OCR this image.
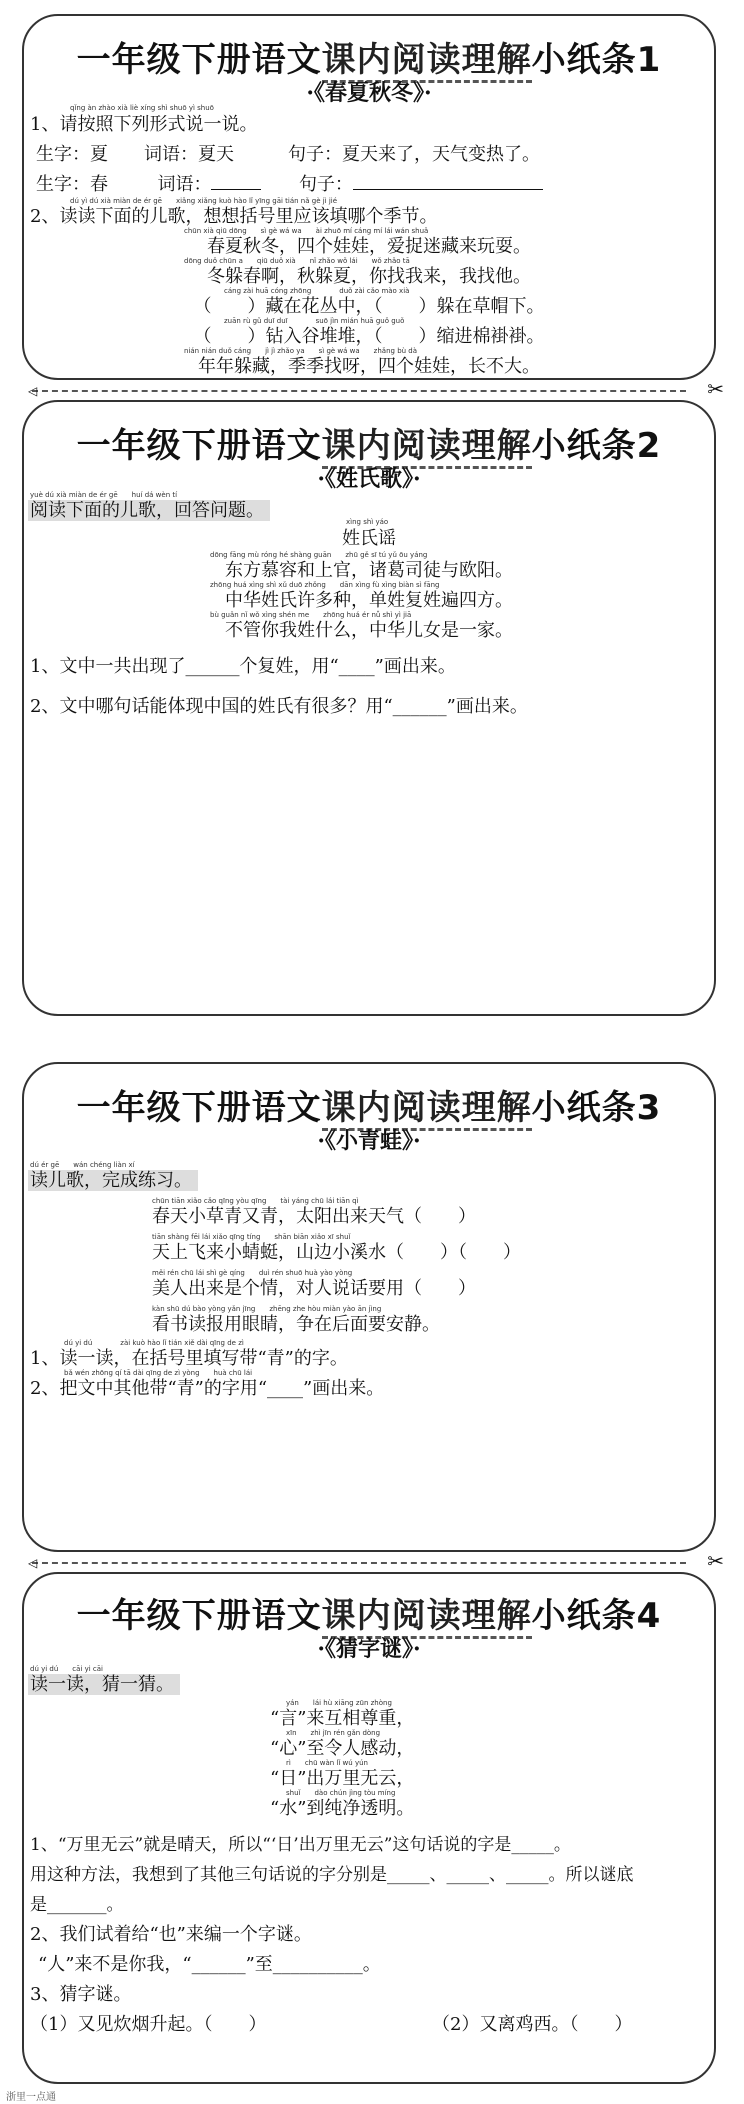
一年级下册语文课内阅读理解小纸条1
·《春夏秋冬》·
qǐng àn zhào xià liè xíng shì shuō yì shuō
1、请按照下列形式说一说。
生字：夏　　词语：夏天　　　句子：夏天来了，天气变热了。
生字：春	词语：	句子：
dú yì dú xià miàn de ér gē　　xiǎng xiǎng kuò hào lǐ yīng gāi tián nǎ gè jì jié
2、读读下面的儿歌，想想括号里应该填哪个季节。
chūn xià qiū dōng　　sì gè wá wa　　ài zhuō mí cáng mí lái wán shuǎ
春夏秋冬，四个娃娃，爱捉迷藏来玩耍。
dōng duǒ chūn a　　qiū duǒ xià　　nǐ zhǎo wǒ lái　　wǒ zhǎo tā
冬躲春啊，秋躲夏，你找我来，我找他。
cáng zài huā cóng zhōng　　　　duǒ zài cǎo mào xià
（　　）藏在花丛中，（　　）躲在草帽下。
zuān rù gǔ duī duī　　　　suō jìn mián huā guǒ guǒ
（　　）钻入谷堆堆，（　　）缩进棉褂褂。
nián nián duǒ cáng　　jì jì zhǎo ya　　sì gè wá wa　　zhǎng bù dà
年年躲藏，季季找呀，四个娃娃，长不大。
◁	✂
一年级下册语文课内阅读理解小纸条2
·《姓氏歌》·
yuè dú xià miàn de ér gē　　huí dá wèn tí
阅读下面的儿歌，回答问题。
xìng shì yáo
姓氏谣
dōng fāng mù róng hé shàng guān　　zhū gě sī tú yǔ ōu yáng
东方慕容和上官，诸葛司徒与欧阳。
zhōng huá xìng shì xǔ duō zhǒng　　dān xìng fù xìng biàn sì fāng
中华姓氏许多种，单姓复姓遍四方。
bù guǎn nǐ wǒ xìng shén me　　zhōng huá ér nǚ shì yì jiā
不管你我姓什么，中华儿女是一家。
1、文中一共出现了______个复姓，用“____”画出来。
2、文中哪句话能体现中国的姓氏有很多？用“______”画出来。
一年级下册语文课内阅读理解小纸条3
·《小青蛙》·
dú ér gē　　wán chéng liàn xí
读儿歌，完成练习。
chūn tiān xiǎo cǎo qīng yòu qīng　　tài yáng chū lái tiān qì
春天小草青又青，太阳出来天气（　　）
tiān shàng fēi lái xiǎo qīng tíng　　shān biān xiǎo xī shuǐ
天上飞来小蜻蜓，山边小溪水（　　）（　　）
měi rén chū lái shì gè qíng　　duì rén shuō huà yào yòng
美人出来是个情，对人说话要用（　　）
kàn shū dú bào yòng yǎn jīng　　zhēng zhe hòu miàn yào ān jìng
看书读报用眼睛，争在后面要安静。
dú yi dú　　　　zài kuò hào lǐ tián xiě dài qīng de zì
1、读一读，在括号里填写带“青”的字。
bǎ wén zhōng qí tā dài qīng de zì yòng　　huà chū lái
2、把文中其他带“青”的字用“____”画出来。
◁	✂
一年级下册语文课内阅读理解小纸条4
·《猜字谜》·
dú yi dú　　cāi yi cāi
读一读，猜一猜。
yán　　lái hù xiāng zūn zhòng
“言”来互相尊重，
xīn　　zhì jīn rén gǎn dòng
“心”至令人感动，
rì　　chū wàn lǐ wú yún
“日”出万里无云，
shuǐ　　dào chún jìng tòu míng
“水”到纯净透明。
1、“万里无云”就是晴天，所以“‘日’出万里无云”这句话说的字是_____。
用这种方法，我想到了其他三句话说的字分别是_____、_____、_____。所以谜底
是_______。
2、我们试着给“也”来编一个字谜。
“人”来不是你我，“______”至__________。
3、猜字谜。
（1）又见炊烟升起。（　　）	（2）又离鸡西。（　　）
浙里一点通
